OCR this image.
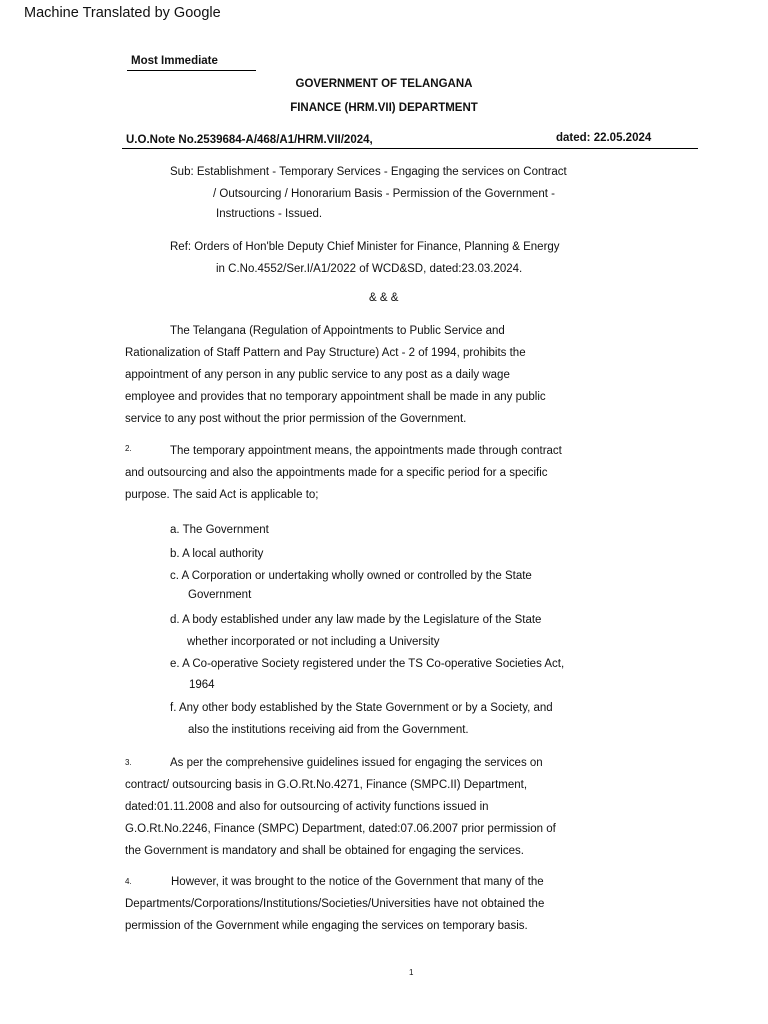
Machine Translated by Google
Most Immediate
GOVERNMENT OF TELANGANA
FINANCE (HRM.VII) DEPARTMENT
U.O.Note No.2539684-A/468/A1/HRM.VII/2024,	dated: 22.05.2024
Sub: Establishment - Temporary Services - Engaging the services on Contract
/ Outsourcing / Honorarium Basis - Permission of the Government -
Instructions - Issued.
Ref: Orders of Hon'ble Deputy Chief Minister for Finance, Planning & Energy
in C.No.4552/Ser.I/A1/2022 of WCD&SD, dated:23.03.2024.
& & &
The Telangana (Regulation of Appointments to Public Service and
Rationalization of Staff Pattern and Pay Structure) Act - 2 of 1994, prohibits the
appointment of any person in any public service to any post as a daily wage
employee and provides that no temporary appointment shall be made in any public
service to any post without the prior permission of the Government.
2.	The temporary appointment means, the appointments made through contract
and outsourcing and also the appointments made for a specific period for a specific
purpose. The said Act is applicable to;
a. The Government
b. A local authority
c. A Corporation or undertaking wholly owned or controlled by the State
Government
d. A body established under any law made by the Legislature of the State
whether incorporated or not including a University
e. A Co-operative Society registered under the TS Co-operative Societies Act,
1964
f. Any other body established by the State Government or by a Society, and
also the institutions receiving aid from the Government.
3.	As per the comprehensive guidelines issued for engaging the services on
contract/ outsourcing basis in G.O.Rt.No.4271, Finance (SMPC.II) Department,
dated:01.11.2008 and also for outsourcing of activity functions issued in
G.O.Rt.No.2246, Finance (SMPC) Department, dated:07.06.2007 prior permission of
the Government is mandatory and shall be obtained for engaging the services.
4.	However, it was brought to the notice of the Government that many of the
Departments/Corporations/Institutions/Societies/Universities have not obtained the
permission of the Government while engaging the services on temporary basis.
1
